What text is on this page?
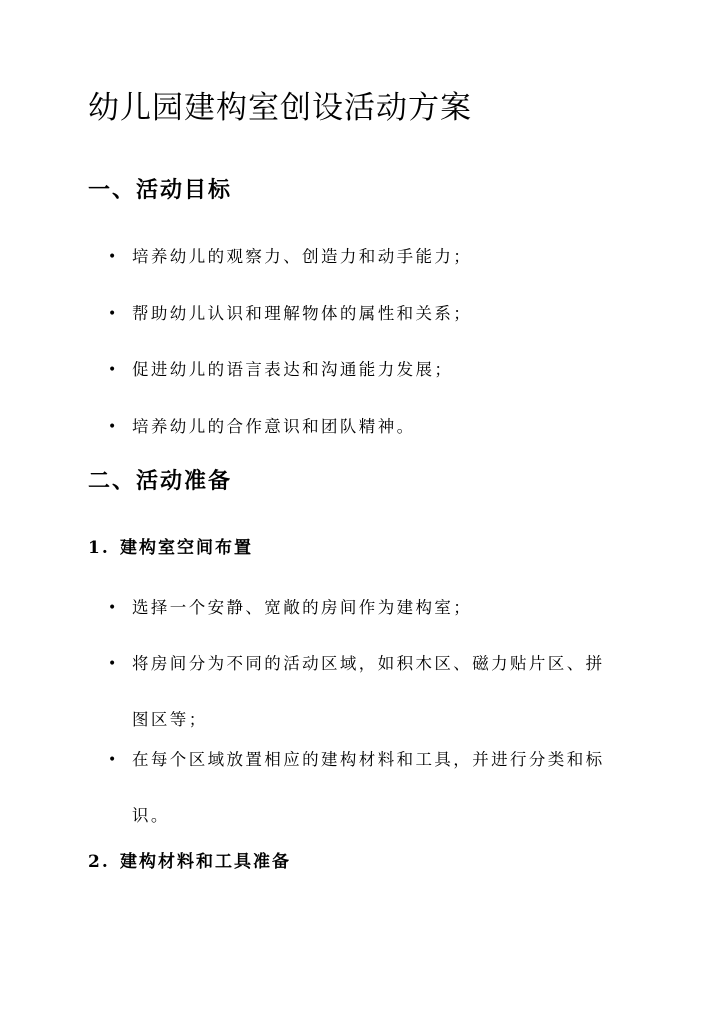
幼儿园建构室创设活动方案
一、活动目标
• 培养幼儿的观察力、创造力和动手能力；
• 帮助幼儿认识和理解物体的属性和关系；
• 促进幼儿的语言表达和沟通能力发展；
• 培养幼儿的合作意识和团队精神。
二、活动准备
1. 建构室空间布置
• 选择一个安静、宽敞的房间作为建构室；
• 将房间分为不同的活动区域，如积木区、磁力贴片区、拼图区等；
• 在每个区域放置相应的建构材料和工具，并进行分类和标识。
2. 建构材料和工具准备
